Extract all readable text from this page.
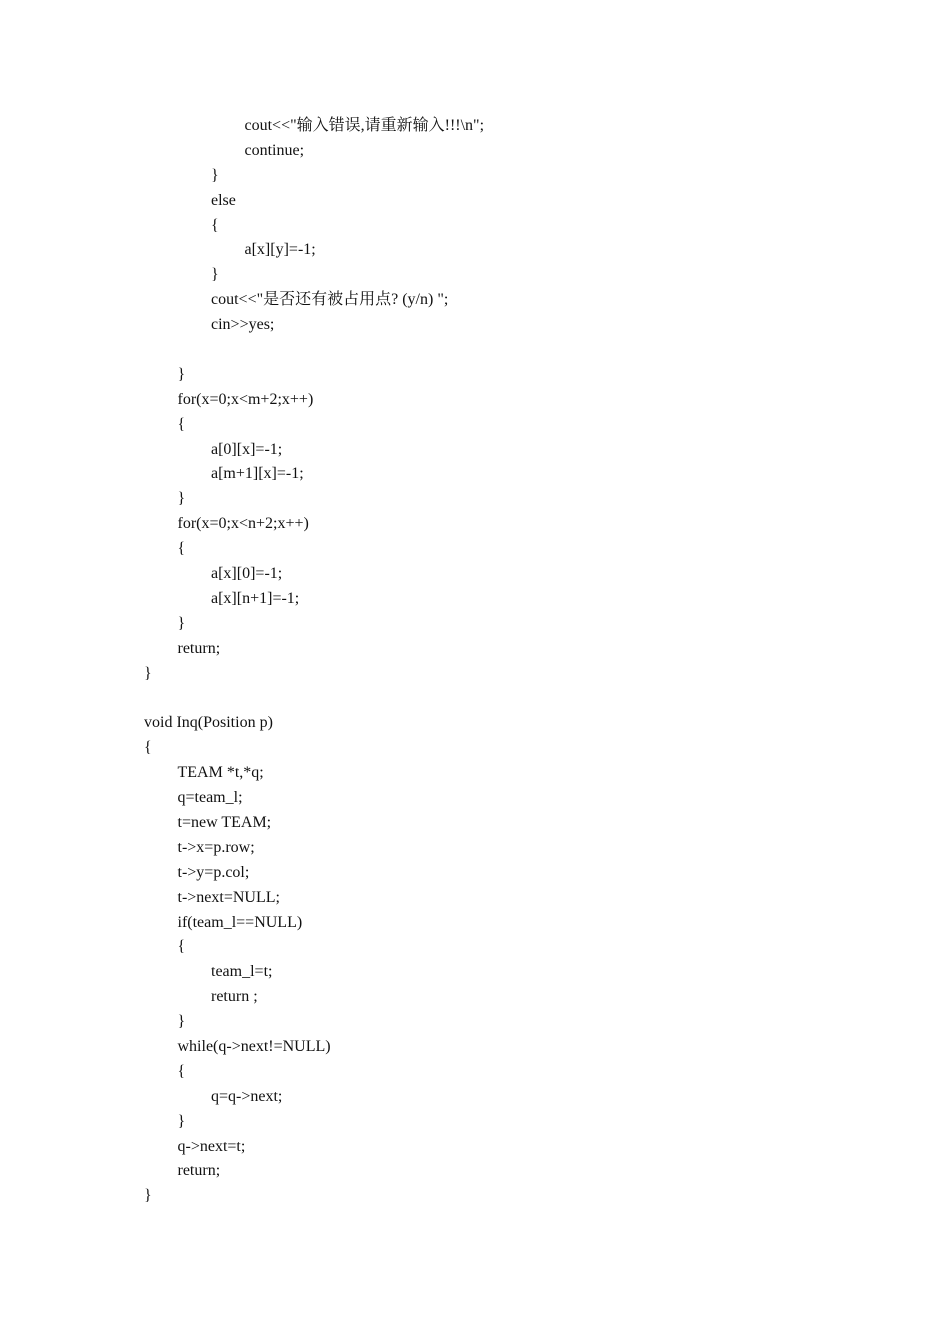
cout<<"输入错误,请重新输入!!!\n";
continue;
}
else
{
a[x][y]=-1;
}
cout<<"是否还有被占用点? (y/n) ";
cin>>yes;
}
for(x=0;x<m+2;x++)
{
a[0][x]=-1;
a[m+1][x]=-1;
}
for(x=0;x<n+2;x++)
{
a[x][0]=-1;
a[x][n+1]=-1;
}
return;
}
void Inq(Position p)
{
TEAM *t,*q;
q=team_l;
t=new TEAM;
t->x=p.row;
t->y=p.col;
t->next=NULL;
if(team_l==NULL)
{
team_l=t;
return ;
}
while(q->next!=NULL)
{
q=q->next;
}
q->next=t;
return;
}
